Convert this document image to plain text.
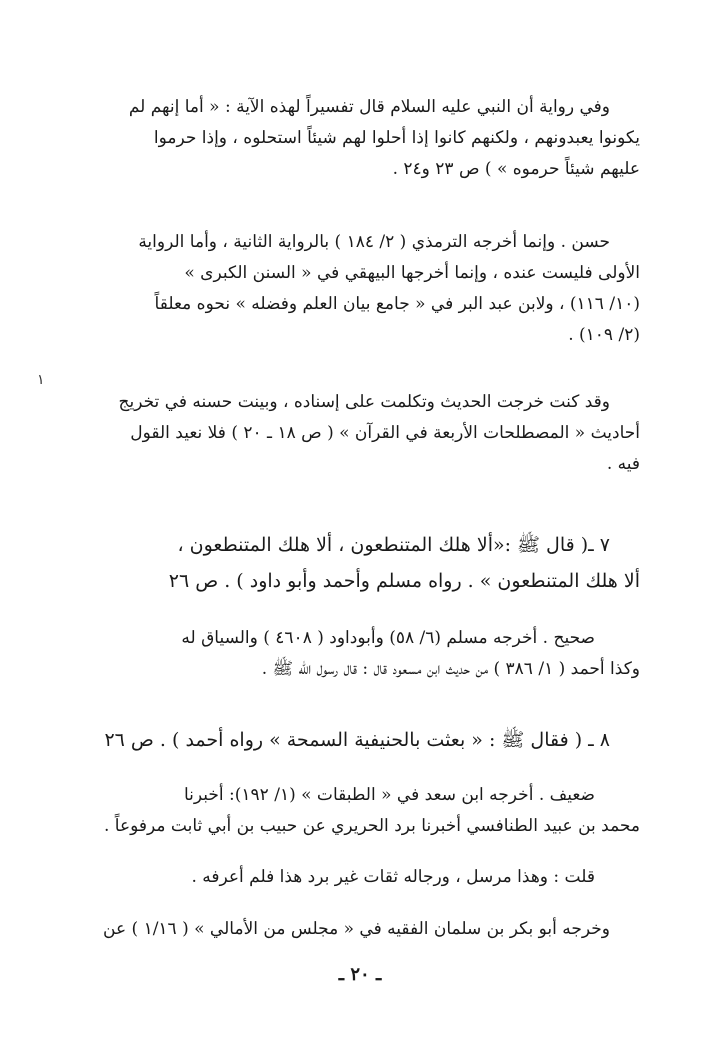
وفي رواية أن النبي عليه السلام قال تفسيراً لهذه الآية : « أما إنهم لم
يكونوا يعبدونهم ، ولكنهم كانوا إذا أحلوا لهم شيئاً استحلوه ، وإذا حرموا
عليهم شيئاً حرموه » ) ص ٢٣ و٢٤ .

حسن . وإنما أخرجه الترمذي ( ٢/ ١٨٤ ) بالرواية الثانية ، وأما الرواية
الأولى فليست عنده ، وإنما أخرجها البيهقي في « السنن الكبرى »
(١٠/ ١١٦) ، ولابن عبد البر في « جامع بيان العلم وفضله » نحوه معلقاً
(٢/ ١٠٩) .

١

وقد كنت خرجت الحديث وتكلمت على إسناده ، وبينت حسنه في تخريج
أحاديث « المصطلحات الأربعة في القرآن » ( ص ١٨ ـ ٢٠ ) فلا نعيد القول
فيه .

٧ ـ( قال ﷺ :«ألا هلك المتنطعون ، ألا هلك المتنطعون ،
ألا هلك المتنطعون » . رواه مسلم وأحمد وأبو داود ) . ص ٢٦

صحيح . أخرجه مسلم (٦/ ٥٨) وأبوداود ( ٤٦٠٨ ) والسياق له
وكذا أحمد ( ١/ ٣٨٦ ) من حديث ابن مسعود قال : قال رسول الله ﷺ .

٨ ـ ( فقال ﷺ : « بعثت بالحنيفية السمحة » رواه أحمد ) . ص ٢٦

ضعيف . أخرجه ابن سعد في « الطبقات » (١/ ١٩٢): أخبرنا
محمد بن عبيد الطنافسي أخبرنا برد الحريري عن حبيب بن أبي ثابت مرفوعاً .

قلت : وهذا مرسل ، ورجاله ثقات غير برد هذا فلم أعرفه .

وخرجه أبو بكر بن سلمان الفقيه في « مجلس من الأمالي » ( ١/١٦ ) عن

ـ ٢٠ ـ
